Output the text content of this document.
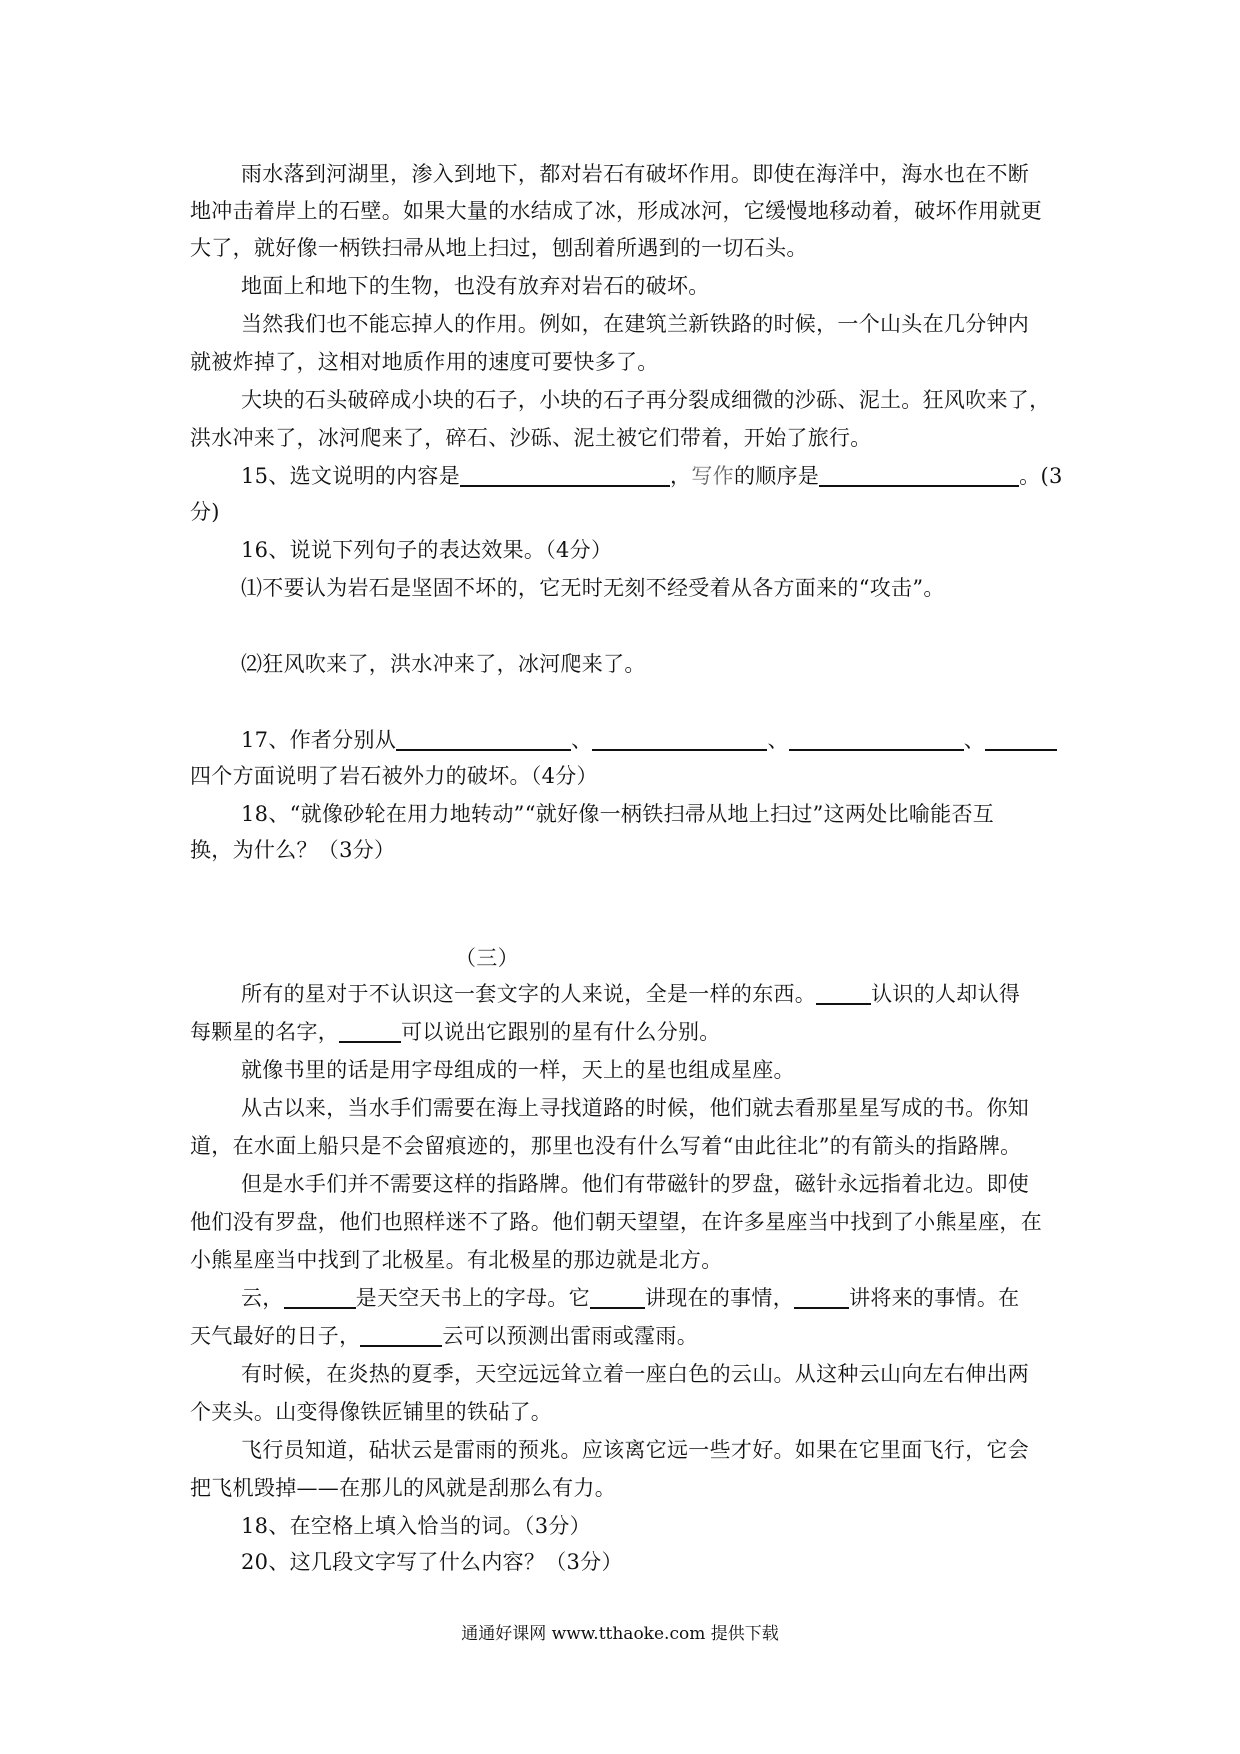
雨水落到河湖里，渗入到地下，都对岩石有破坏作用。即使在海洋中，海水也在不断
地冲击着岸上的石壁。如果大量的水结成了冰，形成冰河，它缓慢地移动着，破坏作用就更
大了，就好像一柄铁扫帚从地上扫过，刨刮着所遇到的一切石头。
地面上和地下的生物，也没有放弃对岩石的破坏。
当然我们也不能忘掉人的作用。例如，在建筑兰新铁路的时候，一个山头在几分钟内
就被炸掉了，这相对地质作用的速度可要快多了。
大块的石头破碎成小块的石子，小块的石子再分裂成细微的沙砾、泥土。狂风吹来了，
洪水冲来了，冰河爬来了，碎石、沙砾、泥土被它们带着，开始了旅行。
15、选文说明的内容是	，写作的顺序是	。(3
分)
16、说说下列句子的表达效果。（4分）
⑴不要认为岩石是坚固不坏的，它无时无刻不经受着从各方面来的“攻击”。
⑵狂风吹来了，洪水冲来了，冰河爬来了。
17、作者分别从	、	、	、
四个方面说明了岩石被外力的破坏。（4分）
18、“就像砂轮在用力地转动”“就好像一柄铁扫帚从地上扫过”这两处比喻能否互
换，为什么？（3分）
（三）
所有的星对于不认识这一套文字的人来说，全是一样的东西。	认识的人却认得
每颗星的名字，	可以说出它跟别的星有什么分别。
就像书里的话是用字母组成的一样，天上的星也组成星座。
从古以来，当水手们需要在海上寻找道路的时候，他们就去看那星星写成的书。你知
道，在水面上船只是不会留痕迹的，那里也没有什么写着“由此往北”的有箭头的指路牌。
但是水手们并不需要这样的指路牌。他们有带磁针的罗盘，磁针永远指着北边。即使
他们没有罗盘，他们也照样迷不了路。他们朝天望望，在许多星座当中找到了小熊星座，在
小熊星座当中找到了北极星。有北极星的那边就是北方。
云，	是天空天书上的字母。它	讲现在的事情，	讲将来的事情。在
天气最好的日子，	云可以预测出雷雨或霪雨。
有时候，在炎热的夏季，天空远远耸立着一座白色的云山。从这种云山向左右伸出两
个夹头。山变得像铁匠铺里的铁砧了。
飞行员知道，砧状云是雷雨的预兆。应该离它远一些才好。如果在它里面飞行，它会
把飞机毁掉——在那儿的风就是刮那么有力。
18、在空格上填入恰当的词。（3分）
20、这几段文字写了什么内容？（3分）
通通好课网 www.tthaoke.com 提供下载
